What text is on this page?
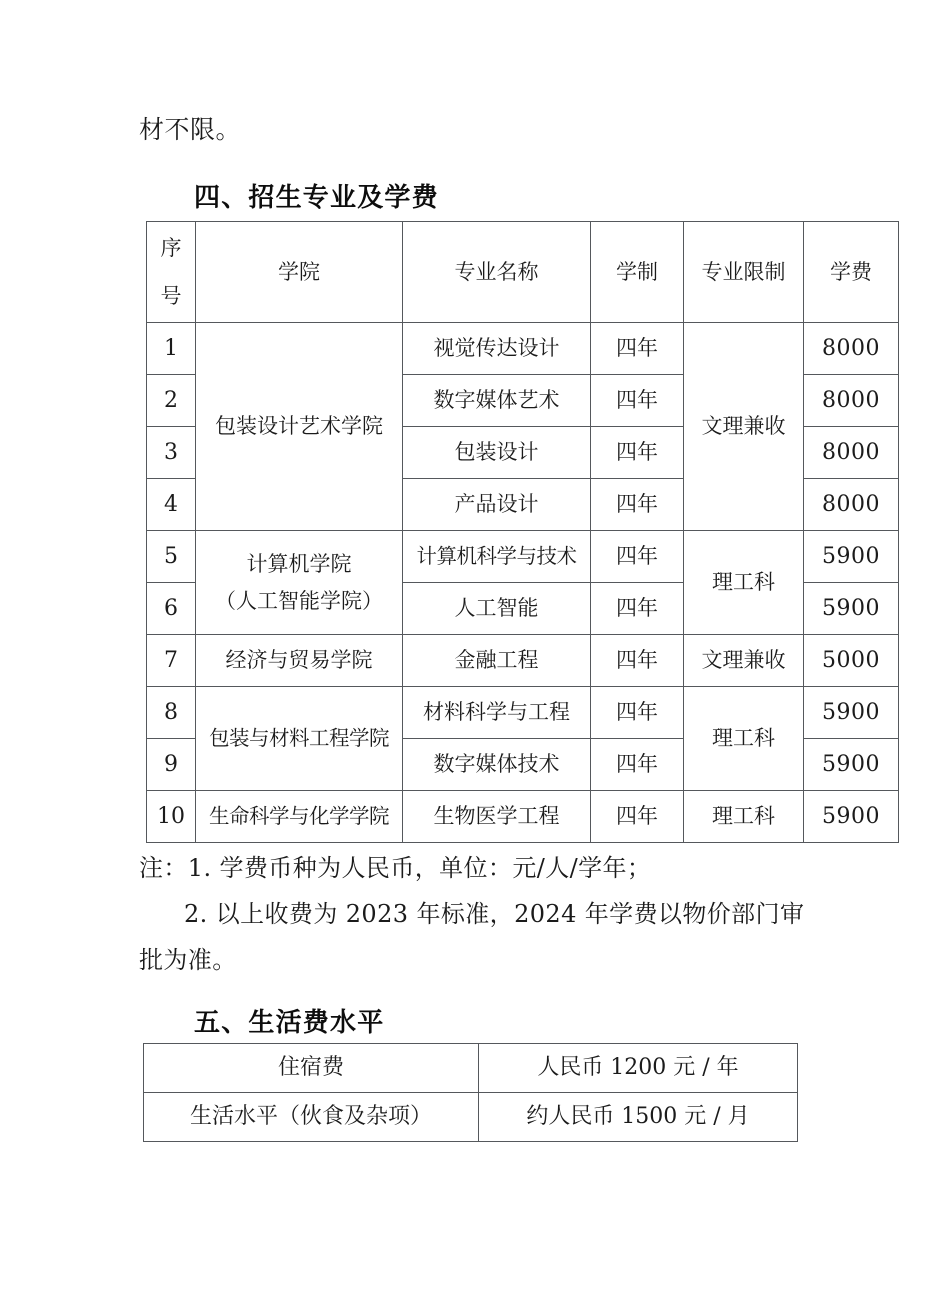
材不限。
四、招生专业及学费
序
号	学院	专业名称	学制	专业限制	学费
1	包装设计艺术学院	视觉传达设计	四年	文理兼收	8000
2		数字媒体艺术	四年		8000
3		包装设计	四年		8000
4		产品设计	四年		8000
5	计算机学院
（人工智能学院）	计算机科学与技术	四年	理工科	5900
6		人工智能	四年		5900
7	经济与贸易学院	金融工程	四年	文理兼收	5000
8	包装与材料工程学院	材料科学与工程	四年	理工科	5900
9		数字媒体技术	四年		5900
10	生命科学与化学学院	生物医学工程	四年	理工科	5900
注：1. 学费币种为人民币，单位：元/人/学年；
2. 以上收费为 2023 年标准，2024 年学费以物价部门审
批为准。
五、生活费水平
住宿费	人民币 1200 元 / 年
生活水平（伙食及杂项）	约人民币 1500 元 / 月
